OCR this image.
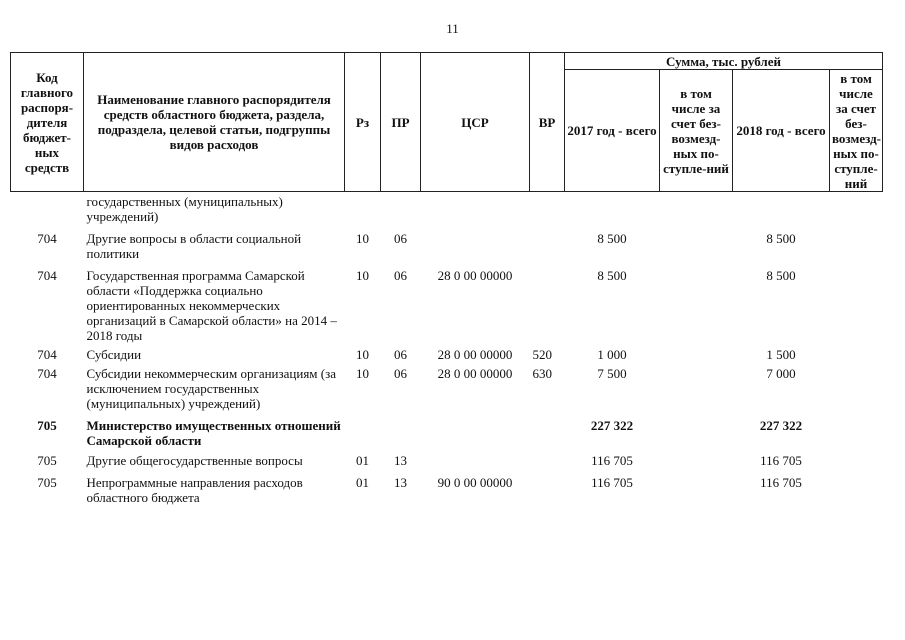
11
Код главного распоря-дителя бюджет-ных средств	Наименование главного распорядителя средств областного бюджета, раздела, подраздела, целевой статьи, подгруппы видов расходов	Рз	ПР	ЦСР	ВР	Сумма, тыс. рублей			
						2017 год - всего	в том числе за счет без-возмезд-ных по-ступле-ний	2018 год - всего	в том числе за счет без-возмезд-ных по-ступле-ний
	государственных (муниципальных) учреждений)								
704	Другие вопросы в области социальной политики	10	06			8 500		8 500	
704	Государственная программа Самарской области «Поддержка социально ориентированных некоммерческих организаций в Самарской области» на 2014 – 2018 годы	10	06	28 0 00 00000		8 500		8 500	
704	Субсидии	10	06	28 0 00 00000	520	1 000		1 500	
704	Субсидии некоммерческим организациям (за исключением государственных (муниципальных) учреждений)	10	06	28 0 00 00000	630	7 500		7 000	
705	Министерство имущественных отношений Самарской области					227 322		227 322	
705	Другие общегосударственные вопросы	01	13			116 705		116 705	
705	Непрограммные направления расходов областного бюджета	01	13	90 0 00 00000		116 705		116 705	
